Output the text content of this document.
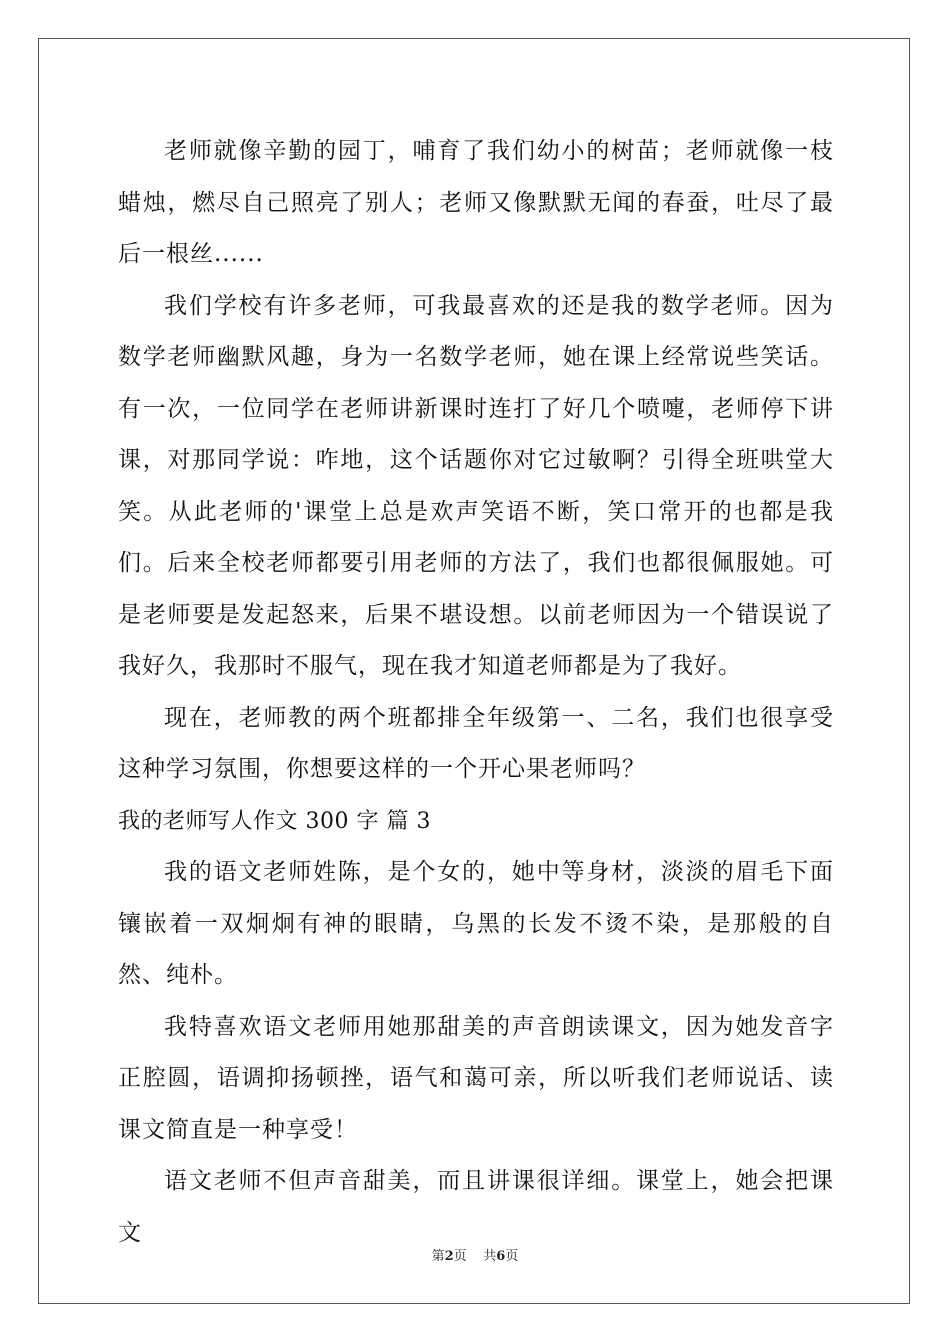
老师就像辛勤的园丁，哺育了我们幼小的树苗；老师就像一枝蜡烛，燃尽自己照亮了别人；老师又像默默无闻的春蚕，吐尽了最后一根丝......

我们学校有许多老师，可我最喜欢的还是我的数学老师。因为数学老师幽默风趣，身为一名数学老师，她在课上经常说些笑话。有一次，一位同学在老师讲新课时连打了好几个喷嚏，老师停下讲课，对那同学说：咋地，这个话题你对它过敏啊？引得全班哄堂大笑。从此老师的'课堂上总是欢声笑语不断，笑口常开的也都是我们。后来全校老师都要引用老师的方法了，我们也都很佩服她。可是老师要是发起怒来，后果不堪设想。以前老师因为一个错误说了我好久，我那时不服气，现在我才知道老师都是为了我好。

现在，老师教的两个班都排全年级第一、二名，我们也很享受这种学习氛围，你想要这样的一个开心果老师吗？

我的老师写人作文 300 字 篇 3

我的语文老师姓陈，是个女的，她中等身材，淡淡的眉毛下面镶嵌着一双炯炯有神的眼睛，乌黑的长发不烫不染，是那般的自然、纯朴。

我特喜欢语文老师用她那甜美的声音朗读课文，因为她发音字正腔圆，语调抑扬顿挫，语气和蔼可亲，所以听我们老师说话、读课文简直是一种享受！

语文老师不但声音甜美，而且讲课很详细。课堂上，她会把课文

第2页 共6页
